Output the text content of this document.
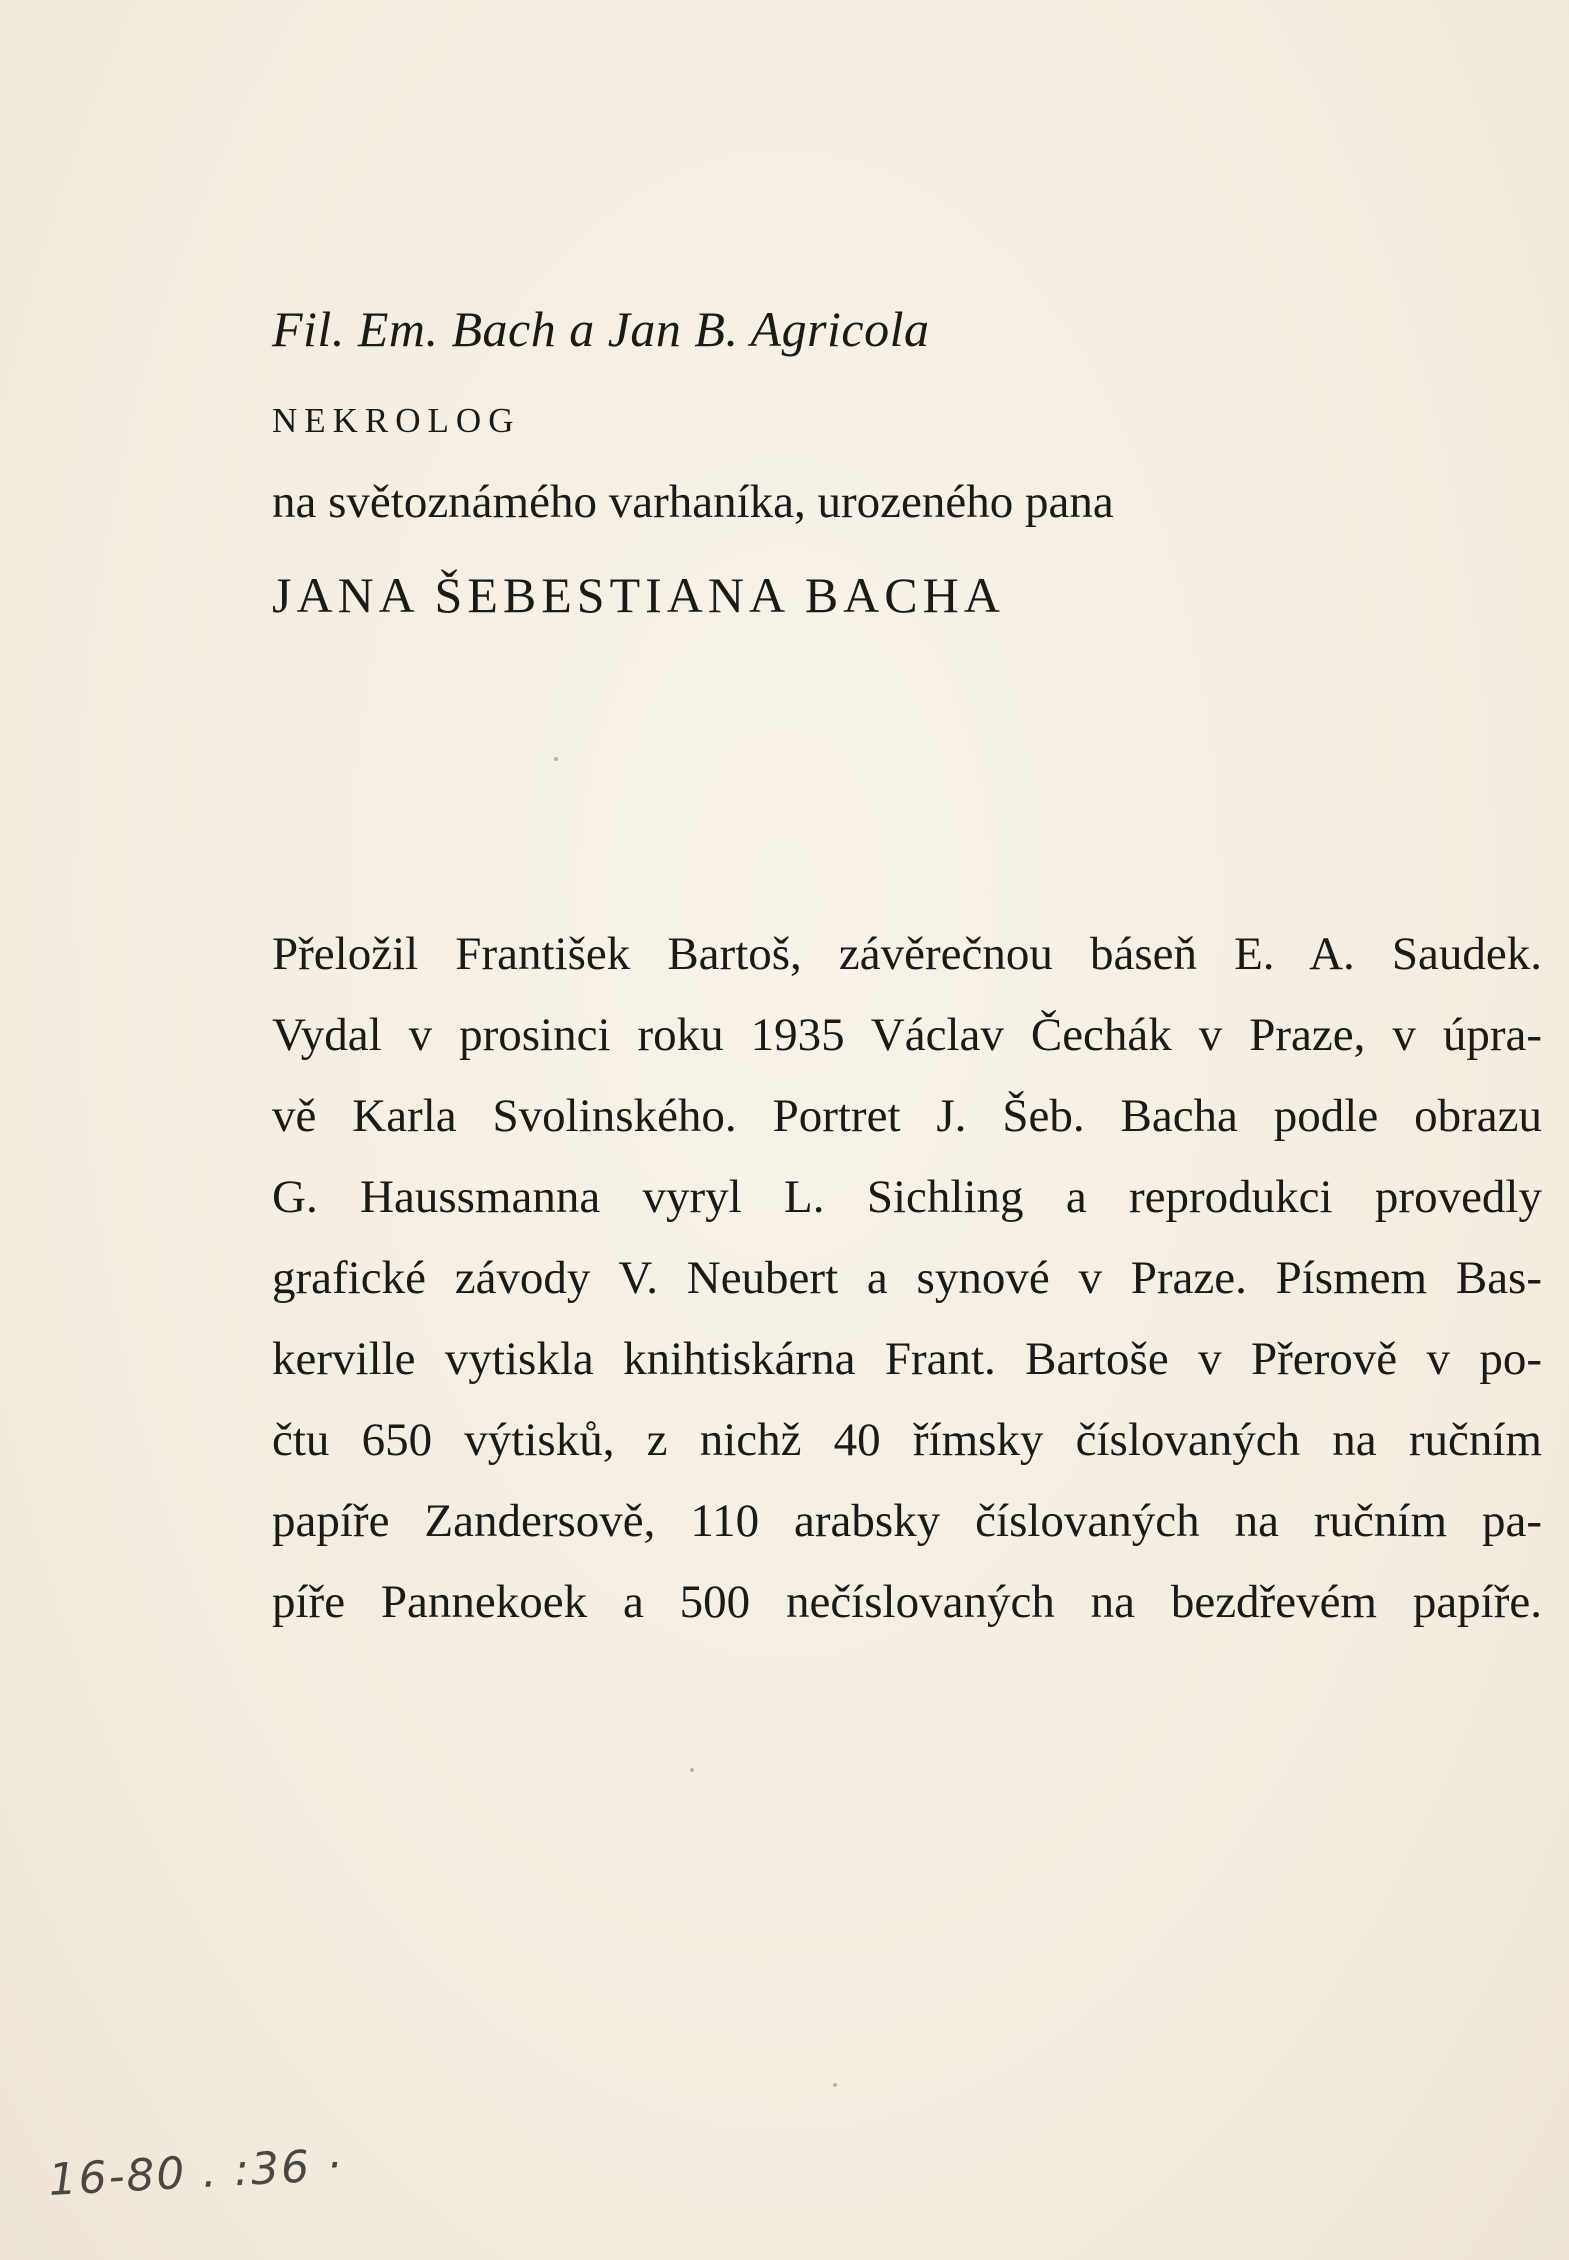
Fil. Em. Bach a Jan B. Agricola
NEKROLOG
na světoznámého varhaníka, urozeného pana
JANA ŠEBESTIANA BACHA
Přeložil František Bartoš, závěrečnou báseň E. A. Saudek.
Vydal v prosinci roku 1935 Václav Čechák v Praze, v úpra-
vě Karla Svolinského. Portret J. Šeb. Bacha podle obrazu
G. Haussmanna vyryl L. Sichling a reprodukci provedly
grafické závody V. Neubert a synové v Praze. Písmem Bas-
kerville vytiskla knihtiskárna Frant. Bartoše v Přerově v po-
čtu 650 výtisků, z nichž 40 římsky číslovaných na ručním
papíře Zandersově, 110 arabsky číslovaných na ručním pa-
píře Pannekoek a 500 nečíslovaných na bezdřevém papíře.
16-80 . :36 ·
